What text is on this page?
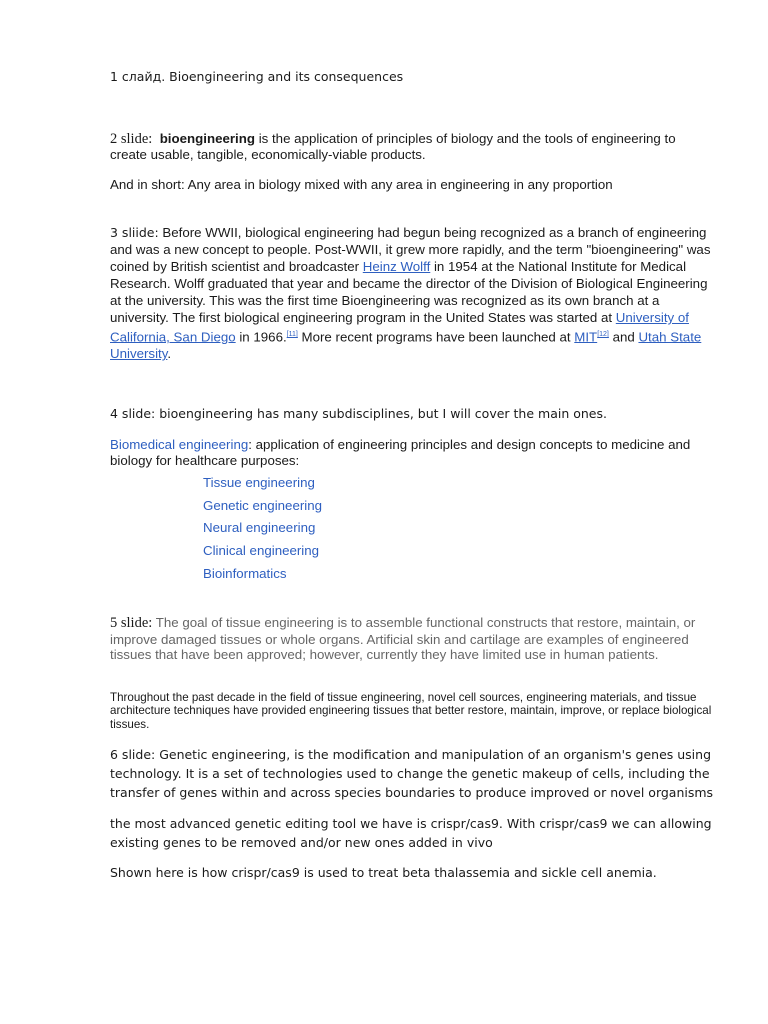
1 слайд. Bioengineering and its consequences

2 slide: bioengineering is the application of principles of biology and the tools of engineering to create usable, tangible, economically-viable products.

And in short: Any area in biology mixed with any area in engineering in any proportion

3 sliide: Before WWII, biological engineering had begun being recognized as a branch of engineering and was a new concept to people. Post-WWII, it grew more rapidly, and the term "bioengineering" was coined by British scientist and broadcaster Heinz Wolff in 1954 at the National Institute for Medical Research. Wolff graduated that year and became the director of the Division of Biological Engineering at the university. This was the first time Bioengineering was recognized as its own branch at a university. The first biological engineering program in the United States was started at University of California, San Diego in 1966.[11] More recent programs have been launched at MIT[12] and Utah State University.

4 slide: bioengineering has many subdisciplines, but I will cover the main ones.

Biomedical engineering: application of engineering principles and design concepts to medicine and biology for healthcare purposes:

Tissue engineering
Genetic engineering
Neural engineering
Clinical engineering
Bioinformatics

5 slide: The goal of tissue engineering is to assemble functional constructs that restore, maintain, or improve damaged tissues or whole organs. Artificial skin and cartilage are examples of engineered tissues that have been approved; however, currently they have limited use in human patients.

Throughout the past decade in the field of tissue engineering, novel cell sources, engineering materials, and tissue architecture techniques have provided engineering tissues that better restore, maintain, improve, or replace biological tissues.

6 slide: Genetic engineering, is the modification and manipulation of an organism's genes using technology. It is a set of technologies used to change the genetic makeup of cells, including the transfer of genes within and across species boundaries to produce improved or novel organisms

the most advanced genetic editing tool we have is crispr/cas9. With crispr/cas9 we can allowing existing genes to be removed and/or new ones added in vivo

Shown here is how crispr/cas9 is used to treat beta thalassemia and sickle cell anemia.
